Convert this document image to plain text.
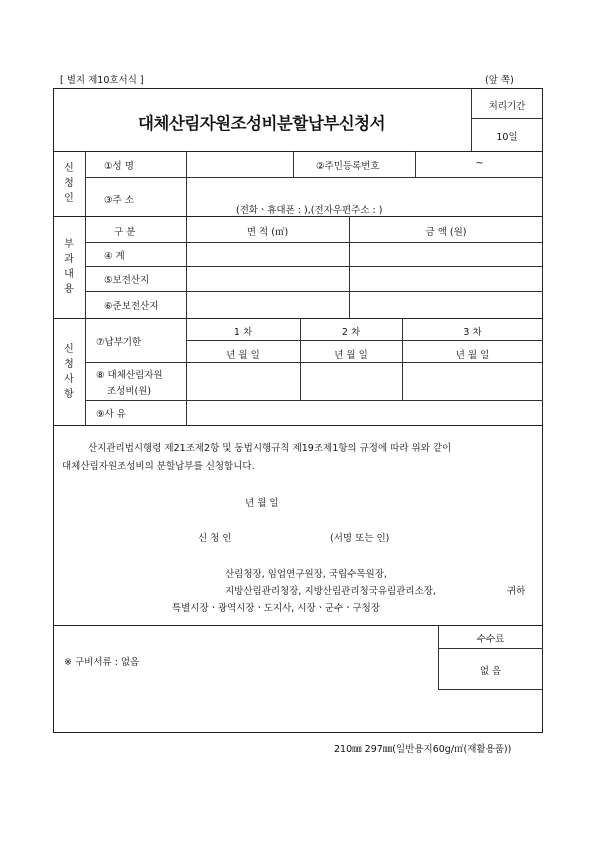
[ 별지 제10호서식 ]	(앞 쪽)
대체산림자원조성비분할납부신청서
처리기간
10일
신
청
인
①성 명	②주민등록번호	~
③주 소
(전화ㆍ휴대폰 : ),(전자우편주소 : )
부
과
내
용
구 분	면 적 (㎡)	금 액 (원)
④ 계
⑤보전산지
⑥준보전산지
신
청
사
항
⑦납부기한
1 차	2 차	3 차
년 월 일	년 월 일	년 월 일
⑧ 대체산림자원
조성비(원)
⑨사 유
산지관리법시행령 제21조제2항 및 동법시행규칙 제19조제1항의 규정에 따라 위와 같이
대체산림자원조성비의 분할납부를 신청합니다.
년 월 일
신 청 인	(서명 또는 인)
산림청장, 임업연구원장, 국립수목원장,
지방산림관리청장, 지방산림관리청국유림관리소장,	귀하
특별시장ㆍ광역시장ㆍ도지사, 시장ㆍ군수ㆍ구청장
※ 구비서류 : 없음
수수료
없 음
210㎜ 297㎜(일반용지60g/㎡(재활용품))
